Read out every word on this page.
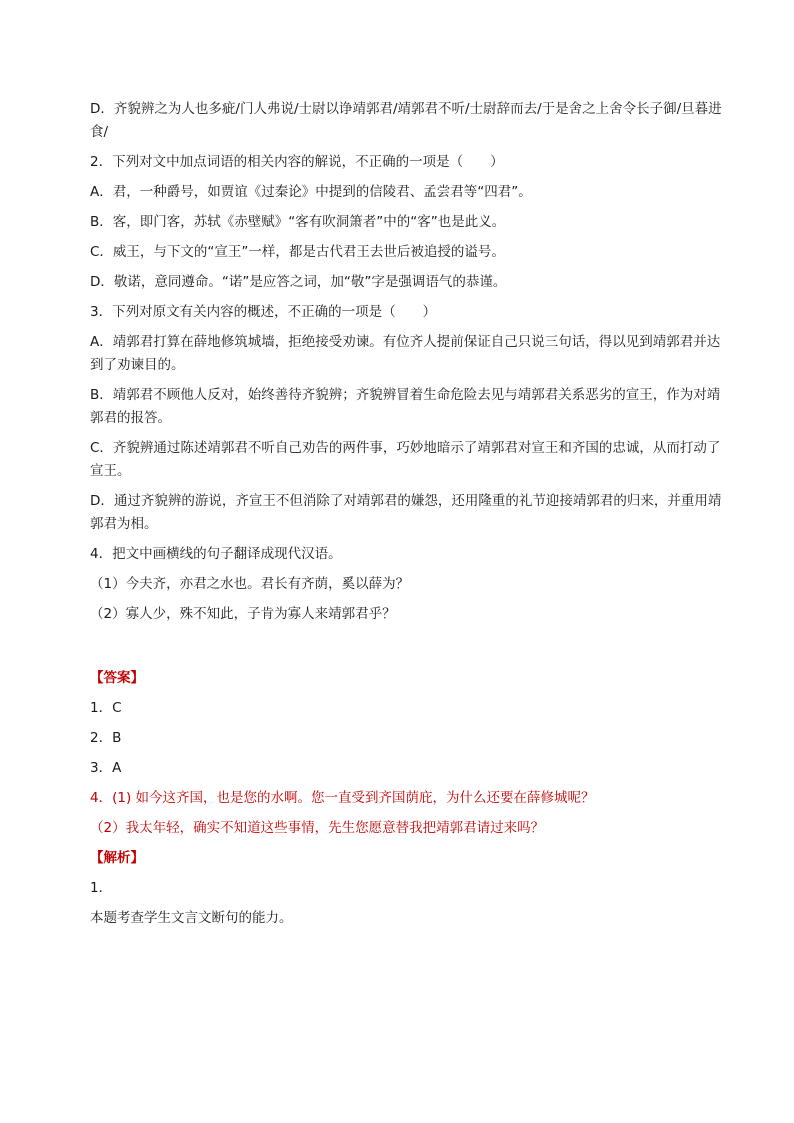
D．齐貌辨之为人也多疵/门人弗说/士尉以诤靖郭君/靖郭君不听/士尉辞而去/于是舍之上舍令长子御/旦暮进食/

2．下列对文中加点词语的相关内容的解说，不正确的一项是（　　）

A．君，一种爵号，如贾谊《过秦论》中提到的信陵君、孟尝君等“四君”。

B．客，即门客，苏轼《赤壁赋》“客有吹洞箫者”中的“客”也是此义。

C．威王，与下文的“宣王”一样，都是古代君王去世后被追授的谥号。

D．敬诺，意同遵命。“诺”是应答之词，加“敬”字是强调语气的恭谨。

3．下列对原文有关内容的概述，不正确的一项是（　　）

A．靖郭君打算在薛地修筑城墙，拒绝接受劝谏。有位齐人提前保证自己只说三句话，得以见到靖郭君并达到了劝谏目的。

B．靖郭君不顾他人反对，始终善待齐貌辨；齐貌辨冒着生命危险去见与靖郭君关系恶劣的宣王，作为对靖郭君的报答。

C．齐貌辨通过陈述靖郭君不听自己劝告的两件事，巧妙地暗示了靖郭君对宣王和齐国的忠诚，从而打动了宣王。

D．通过齐貌辨的游说，齐宣王不但消除了对靖郭君的嫌怨，还用隆重的礼节迎接靖郭君的归来，并重用靖郭君为相。

4．把文中画横线的句子翻译成现代汉语。

（1）今夫齐，亦君之水也。君长有齐荫，奚以薛为？

（2）寡人少，殊不知此，子肯为寡人来靖郭君乎？

【答案】

1．C

2．B

3．A

4．(1) 如今这齐国，也是您的水啊。您一直受到齐国荫庇，为什么还要在薛修城呢？

（2）我太年轻，确实不知道这些事情，先生您愿意替我把靖郭君请过来吗？

【解析】

1．

本题考查学生文言文断句的能力。
